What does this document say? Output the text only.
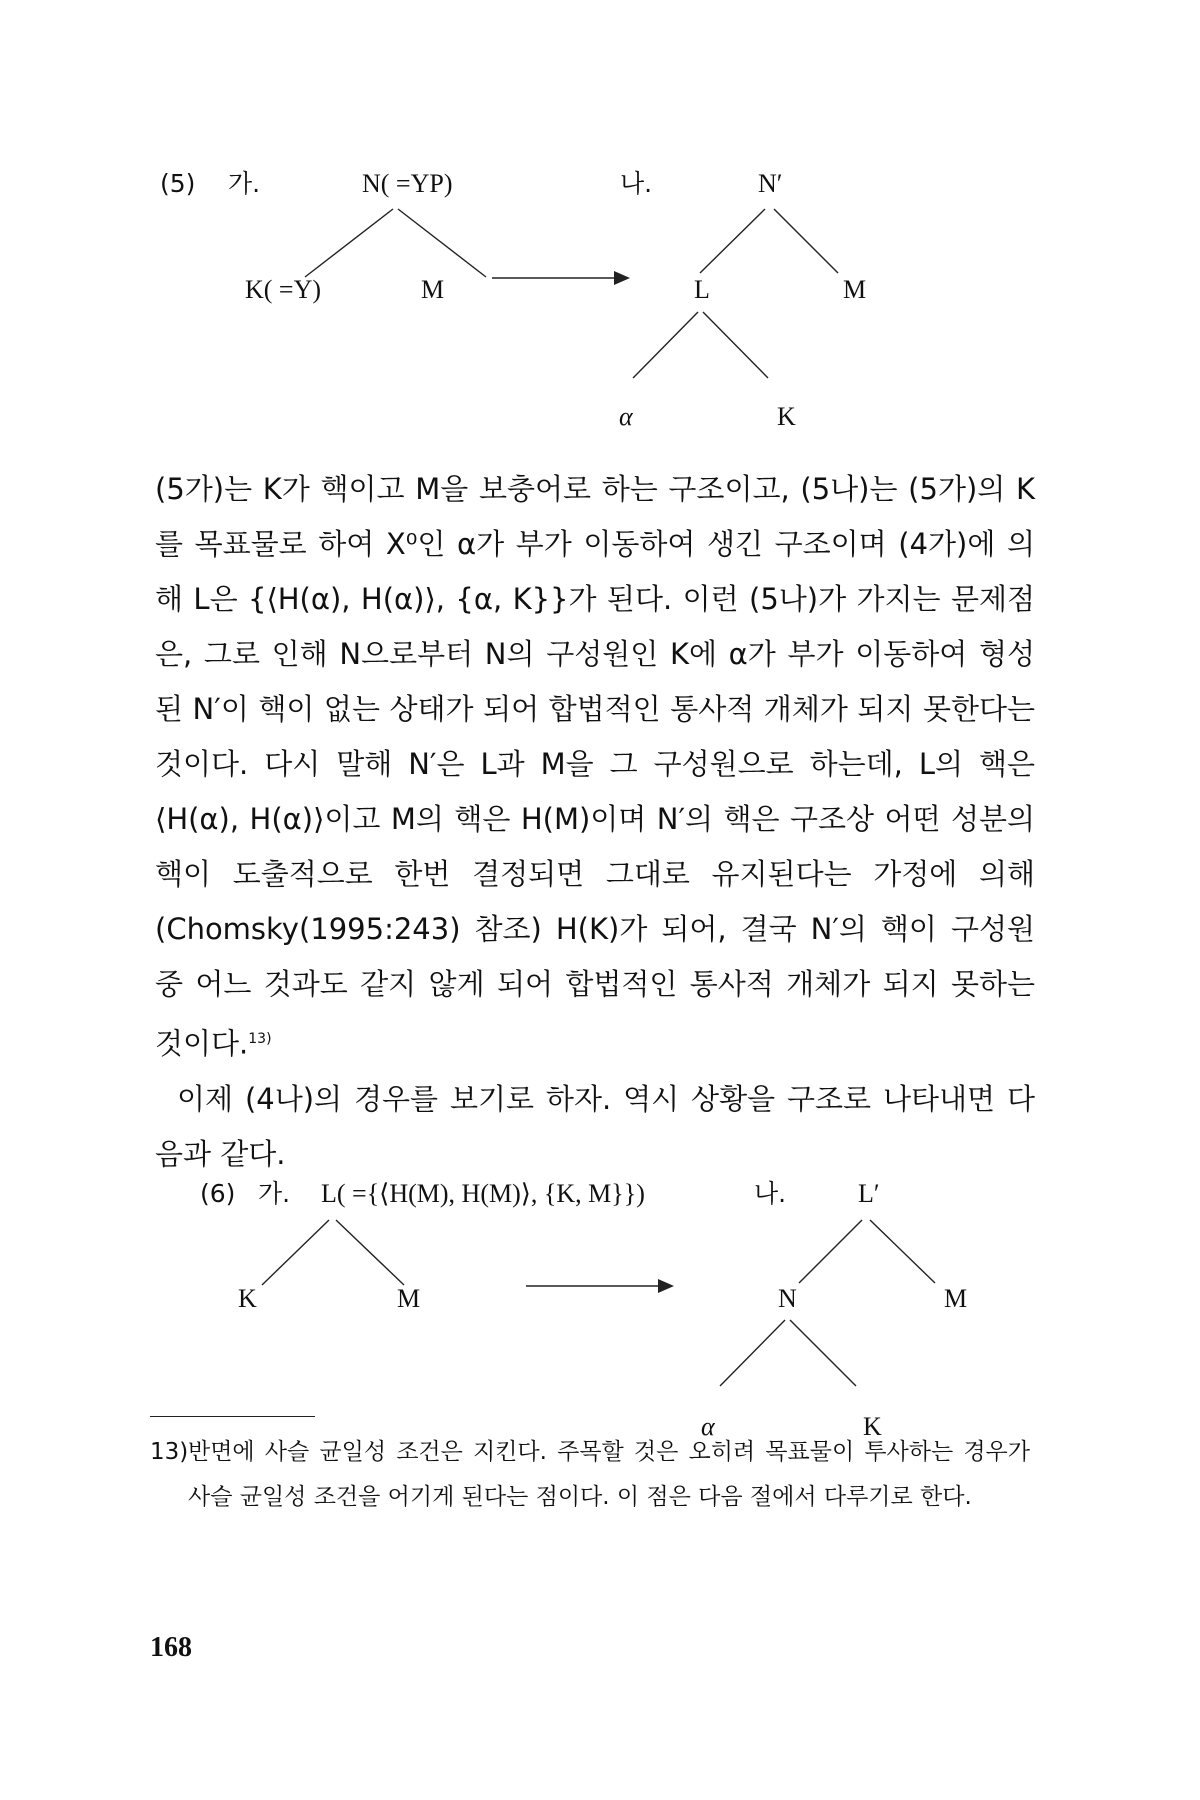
(5) 가.	N( =YP)
K( =Y)	M
나.	N′
L	M
α	K

(5가)는 K가 핵이고 M을 보충어로 하는 구조이고, (5나)는 (5가)의 K를 목표물로 하여 X⁰인 α가 부가 이동하여 생긴 구조이며 (4가)에 의해 L은 {⟨H(α), H(α)⟩, {α, K}}가 된다. 이런 (5나)가 가지는 문제점은, 그로 인해 N으로부터 N의 구성원인 K에 α가 부가 이동하여 형성된 N′이 핵이 없는 상태가 되어 합법적인 통사적 개체가 되지 못한다는 것이다. 다시 말해 N′은 L과 M을 그 구성원으로 하는데, L의 핵은 ⟨H(α), H(α)⟩이고 M의 핵은 H(M)이며 N′의 핵은 구조상 어떤 성분의 핵이 도출적으로 한번 결정되면 그대로 유지된다는 가정에 의해(Chomsky(1995:243) 참조) H(K)가 되어, 결국 N′의 핵이 구성원 중 어느 것과도 같지 않게 되어 합법적인 통사적 개체가 되지 못하는 것이다.$^{13)}$

이제 (4나)의 경우를 보기로 하자. 역시 상황을 구조로 나타내면 다음과 같다.

(6) 가. L( ={⟨H(M), H(M)⟩, {K, M}})
K	M
나.	L′
N	M
α	K
13) 반면에 사슬 균일성 조건은 지킨다. 주목할 것은 오히려 목표물이 투사하는 경우가 사슬 균일성 조건을 어기게 된다는 점이다. 이 점은 다음 절에서 다루기로 한다.
168
